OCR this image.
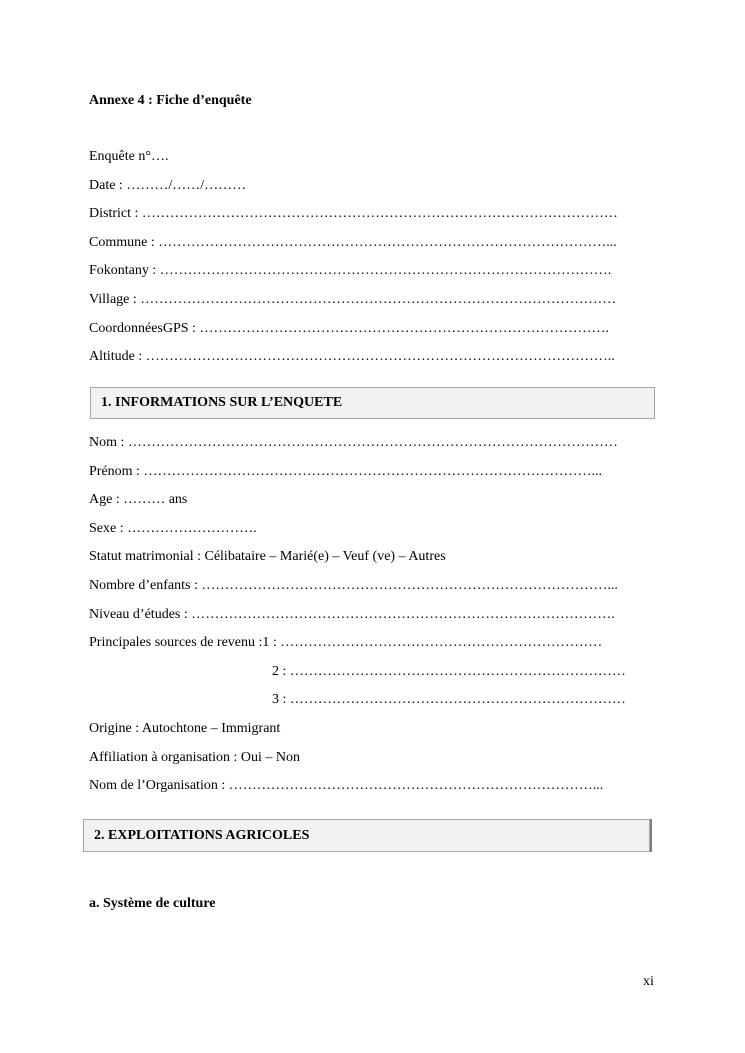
Annexe 4 : Fiche d’enquête
Enquête n°….
Date : ………/……/………
District : …………………………………………………………………………………………
Commune : ……………………………………………………………………………………...
Fokontany : …………………………………………………………………………………….
Village : …………………………………………………………………………………………
CoordonnéesGPS : …………………………………………………………………………….
Altitude : ………………………………………………………………………………………..
1. INFORMATIONS SUR L’ENQUETE
Nom : ……………………………………………………………………………………………
Prénom : ……………………………………………………………………………………...
Age : ……… ans
Sexe : ……………………….
Statut matrimonial : Célibataire – Marié(e) – Veuf (ve) – Autres
Nombre d’enfants : ……………………………………………………………………………...
Niveau d’études : ……………………………………………………………………………….
Principales sources de revenu :1 : ……………………………………………………………
2 : ………………………………………………………………
3 : ………………………………………………………………
Origine : Autochtone – Immigrant
Affiliation à organisation : Oui – Non
Nom de l’Organisation : ……………………………………………………………………...
2. EXPLOITATIONS AGRICOLES
a. Système de culture
xi
